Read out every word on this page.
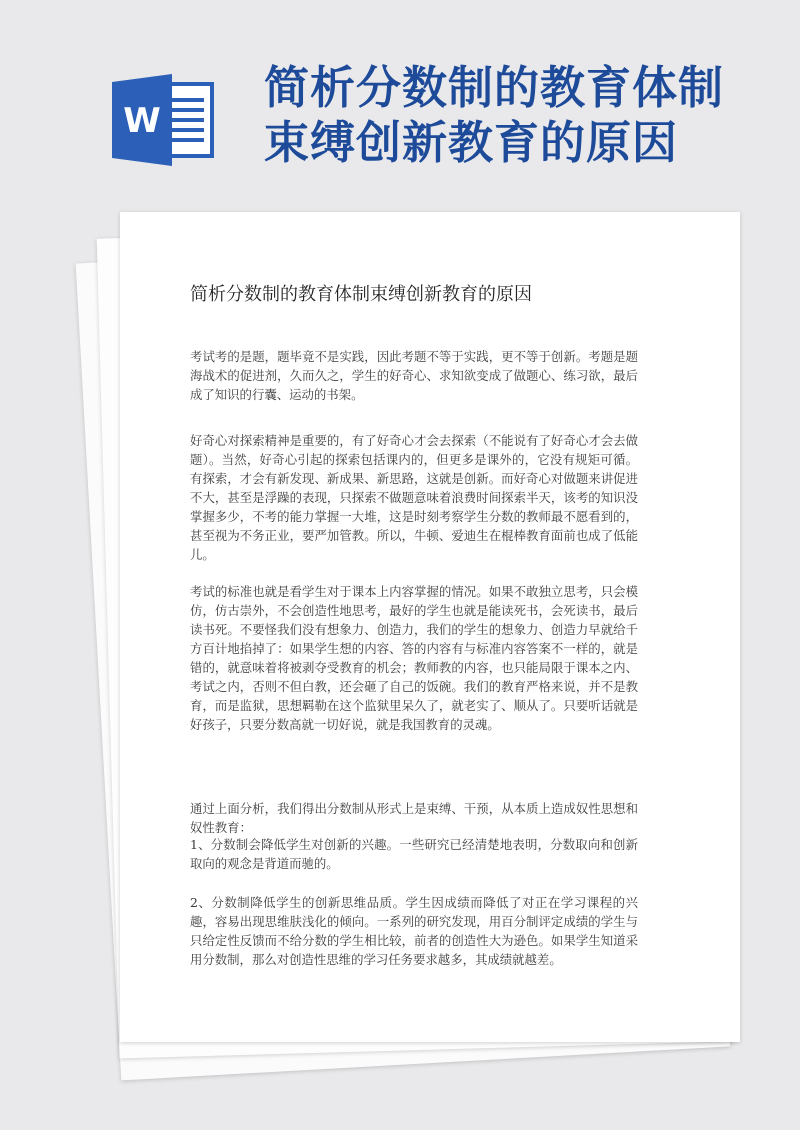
W
简析分数制的教育体制
束缚创新教育的原因
简析分数制的教育体制束缚创新教育的原因

考试考的是题，题毕竟不是实践，因此考题不等于实践，更不等于创新。考题是题海战术的促进剂，久而久之，学生的好奇心、求知欲变成了做题心、练习欲，最后成了知识的行囊、运动的书架。

好奇心对探索精神是重要的，有了好奇心才会去探索（不能说有了好奇心才会去做题）。当然，好奇心引起的探索包括课内的，但更多是课外的，它没有规矩可循。有探索，才会有新发现、新成果、新思路，这就是创新。而好奇心对做题来讲促进不大，甚至是浮躁的表现，只探索不做题意味着浪费时间探索半天，该考的知识没掌握多少，不考的能力掌握一大堆，这是时刻考察学生分数的教师最不愿看到的，甚至视为不务正业，要严加管教。所以，牛顿、爱迪生在棍棒教育面前也成了低能儿。

考试的标准也就是看学生对于课本上内容掌握的情况。如果不敢独立思考，只会模仿，仿古崇外，不会创造性地思考，最好的学生也就是能读死书，会死读书，最后读书死。不要怪我们没有想象力、创造力，我们的学生的想象力、创造力早就给千方百计地掐掉了：如果学生想的内容、答的内容有与标准内容答案不一样的，就是错的，就意味着将被剥夺受教育的机会；教师教的内容，也只能局限于课本之内、考试之内，否则不但白教，还会砸了自己的饭碗。我们的教育严格来说，并不是教育，而是监狱，思想羁勒在这个监狱里呆久了，就老实了、顺从了。只要听话就是好孩子，只要分数高就一切好说，就是我国教育的灵魂。

通过上面分析，我们得出分数制从形式上是束缚、干预，从本质上造成奴性思想和奴性教育：

1、分数制会降低学生对创新的兴趣。一些研究已经清楚地表明，分数取向和创新取向的观念是背道而驰的。

2、分数制降低学生的创新思维品质。学生因成绩而降低了对正在学习课程的兴趣，容易出现思维肤浅化的倾向。一系列的研究发现，用百分制评定成绩的学生与只给定性反馈而不给分数的学生相比较，前者的创造性大为逊色。如果学生知道采用分数制，那么对创造性思维的学习任务要求越多，其成绩就越差。
